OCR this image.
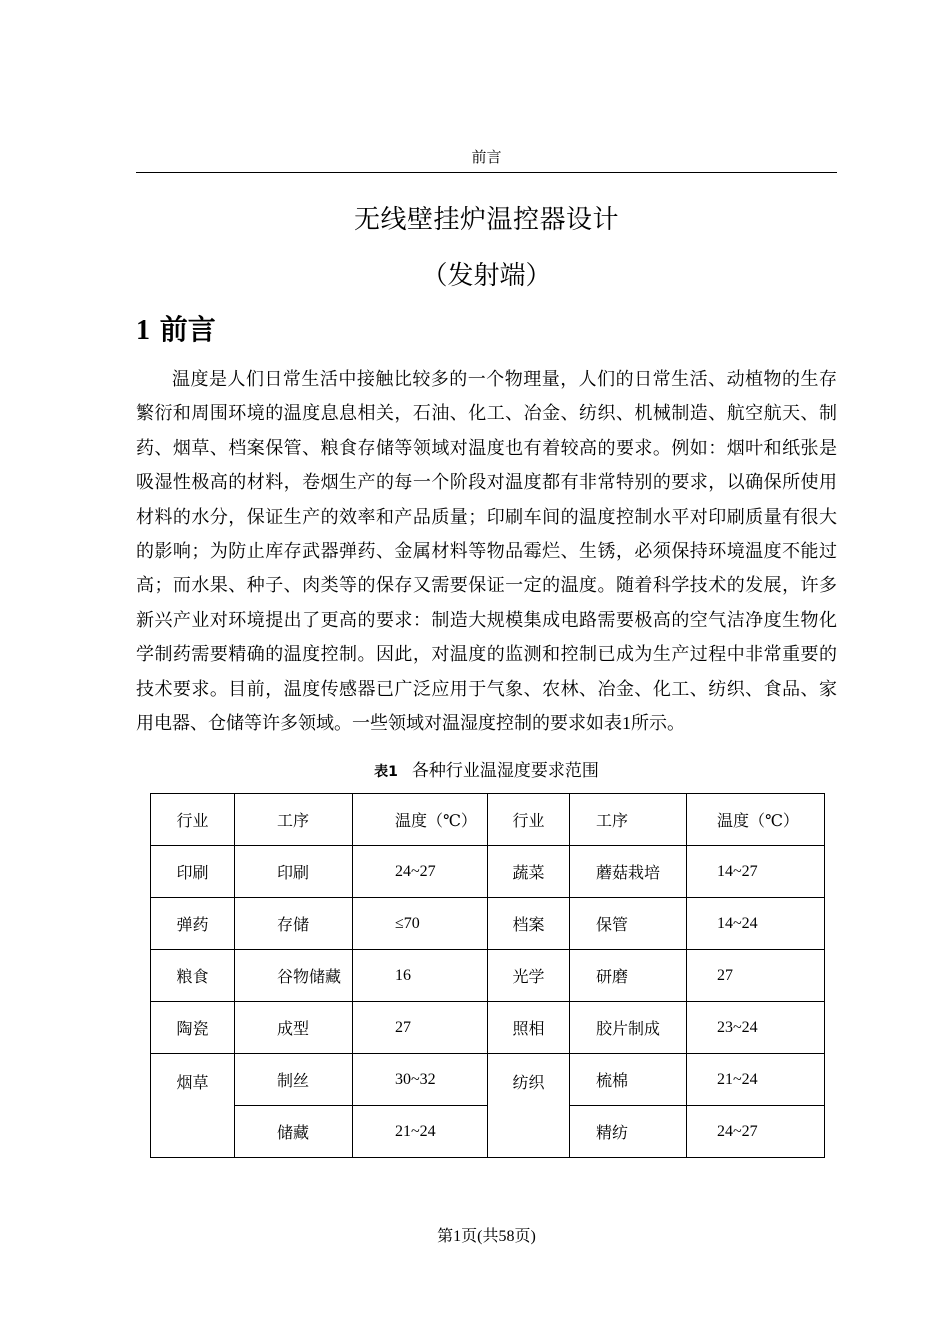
前言
无线壁挂炉温控器设计
（发射端）
1 前言

温度是人们日常生活中接触比较多的一个物理量，人们的日常生活、动植物的生存繁衍和周围环境的温度息息相关，石油、化工、冶金、纺织、机械制造、航空航天、制药、烟草、档案保管、粮食存储等领域对温度也有着较高的要求。例如：烟叶和纸张是吸湿性极高的材料，卷烟生产的每一个阶段对温度都有非常特别的要求，以确保所使用材料的水分，保证生产的效率和产品质量；印刷车间的温度控制水平对印刷质量有很大的影响；为防止库存武器弹药、金属材料等物品霉烂、生锈，必须保持环境温度不能过高；而水果、种子、肉类等的保存又需要保证一定的温度。随着科学技术的发展，许多新兴产业对环境提出了更高的要求：制造大规模集成电路需要极高的空气洁净度生物化学制药需要精确的温度控制。因此，对温度的监测和控制已成为生产过程中非常重要的技术要求。目前，温度传感器已广泛应用于气象、农林、冶金、化工、纺织、食品、家用电器、仓储等许多领域。一些领域对温湿度控制的要求如表1所示。

表1 各种行业温湿度要求范围
行业	工序	温度（℃）	行业	工序	温度（℃）
印刷	印刷	24~27	蔬菜	蘑菇栽培	14~27
弹药	存储	≤70	档案	保管	14~24
粮食	谷物储藏	16	光学	研磨	27
陶瓷	成型	27	照相	胶片制成	23~24
烟草	制丝	30~32	纺织	梳棉	21~24
	储藏	21~24		精纺	24~27
第1页(共58页)
